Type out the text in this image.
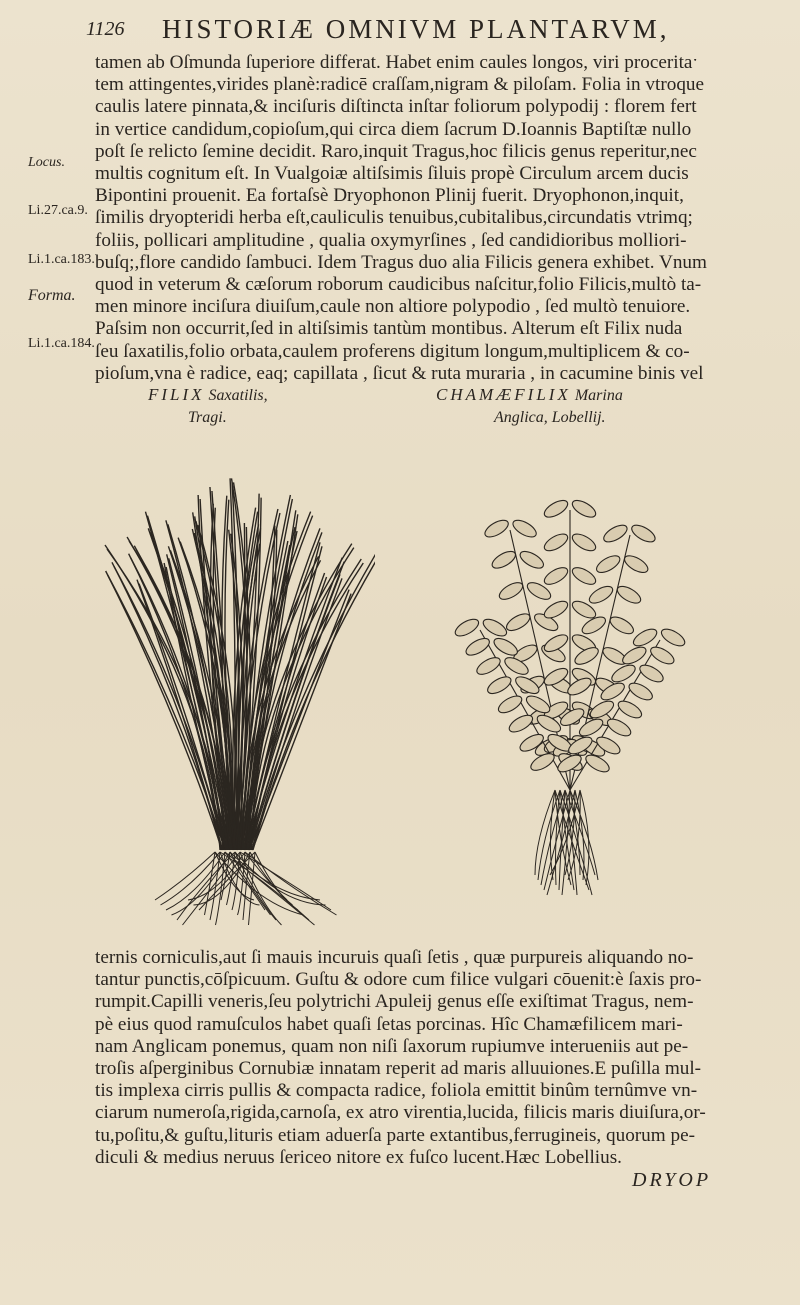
1126 HISTORIÆ OMNIVM PLANTARVM,
tamen ab Oſmunda ſuperiore differat. Habet enim caules longos, viri proceritaˑ
tem attingentes,virides planè:radicē craſſam,nigram & piloſam. Folia in vtroque
caulis latere pinnata,& inciſuris diſtincta inſtar foliorum polypodij : florem fert
in vertice candidum,copioſum,qui circa diem ſacrum D.Ioannis Baptiſtæ nullo
poſt ſe relicto ſemine decidit. Raro,inquit Tragus,hoc filicis genus reperitur,nec
multis cognitum eſt. In Vualgoiæ altiſsimis ſiluis propè Circulum arcem ducis
Bipontini prouenit. Ea fortaſsè Dryophonon Plinij fuerit. Dryophonon,inquit,
ſimilis dryopteridi herba eſt,cauliculis tenuibus,cubitalibus,circundatis vtrimq;
foliis, pollicari amplitudine , qualia oxymyrſines , ſed candidioribus molliori-
buſq;,flore candido ſambuci. Idem Tragus duo alia Filicis genera exhibet. Vnum
quod in veterum & cæſorum roborum caudicibus naſcitur,folio Filicis,multò ta-
men minore inciſura diuiſum,caule non altiore polypodio , ſed multò tenuiore.
Paſsim non occurrit,ſed in altiſsimis tantùm montibus. Alterum eſt Filix nuda
ſeu ſaxatilis,folio orbata,caulem proferens digitum longum,multiplicem & co-
pioſum,vna è radice, eaq; capillata , ſicut & ruta muraria , in cacumine binis vel
Locus.
Li.27.ca.9.
Li.1.ca.183.
Forma.
Li.1.ca.184.
FILIX Saxatilis,
Tragi.
CHAMÆFILIX Marina
Anglica, Lobellij.
ternis corniculis,aut ſi mauis incuruis quaſi ſetis , quæ purpureis aliquando no-
tantur punctis,cōſpicuum. Guſtu & odore cum filice vulgari cōuenit:è ſaxis pro-
rumpit.Capilli veneris,ſeu polytrichi Apuleij genus eſſe exiſtimat Tragus, nem-
pè eius quod ramuſculos habet quaſi ſetas porcinas. Hîc Chamæfilicem mari-
nam Anglicam ponemus, quam non niſi ſaxorum rupiumve interueniis aut pe-
troſis aſperginibus Cornubiæ innatam reperit ad maris alluuiones.E puſilla mul-
tis implexa cirris pullis & compacta radice, foliola emittit binûm ternûmve vn-
ciarum numeroſa,rigida,carnoſa, ex atro virentia,lucida, filicis maris diuiſura,or-
tu,poſitu,& guſtu,lituris etiam aduerſa parte extantibus,ferrugineis, quorum pe-
diculi & medius neruus ſericeo nitore ex fuſco lucent.Hæc Lobellius.
DRYOP
